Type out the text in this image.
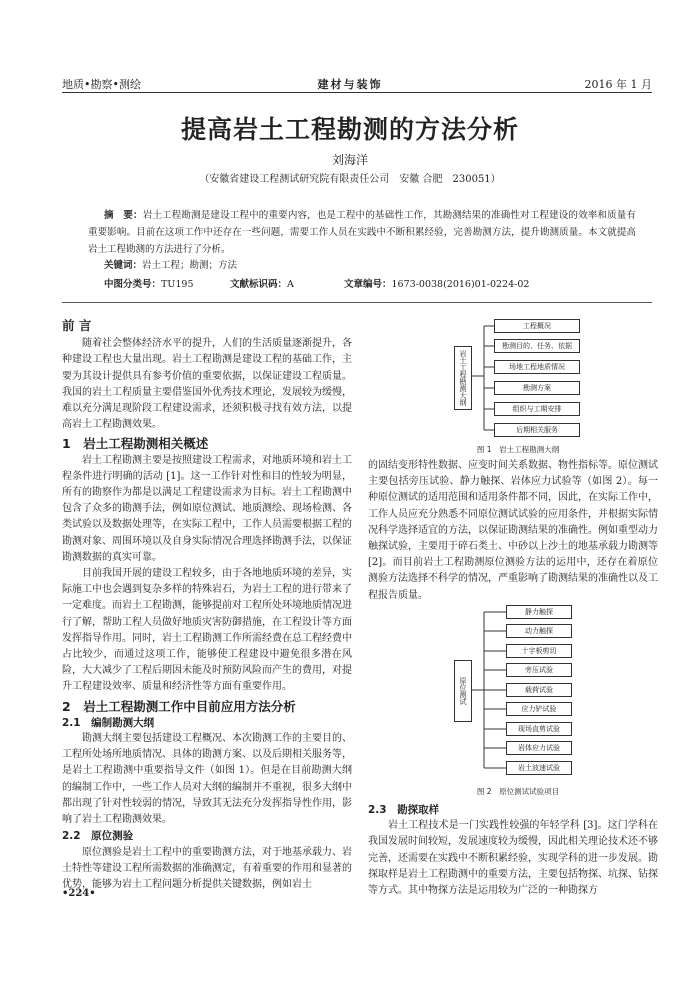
地质•勘察•测绘	建材与装饰	2016 年 1 月
提高岩土工程勘测的方法分析
刘海洋
（安徽省建设工程测试研究院有限责任公司　安徽 合肥　230051）
摘　要：岩土工程勘测是建设工程中的重要内容，也是工程中的基础性工作，其勘测结果的准确性对工程建设的效率和质量有重要影响。目前在这项工作中还存在一些问题，需要工作人员在实践中不断积累经验，完善勘测方法，提升勘测质量。本文就提高岩土工程勘测的方法进行了分析。
关键词：岩土工程；勘测；方法
中图分类号：TU195	文献标识码：A	文章编号：1673-0038(2016)01-0224-02
前 言

随着社会整体经济水平的提升，人们的生活质量逐渐提升，各种建设工程也大量出现。岩土工程勘测是建设工程的基础工作，主要为其设计提供具有参考价值的重要依据，以保证建设工程质量。我国的岩土工程质量主要借鉴国外优秀技术理论，发展较为缓慢，难以充分满足现阶段工程建设需求，还须积极寻找有效方法，以提高岩土工程勘测效果。

1　岩土工程勘测相关概述

岩土工程勘测主要是按照建设工程需求，对地质环境和岩土工程条件进行明确的活动 [1]。这一工作针对性和目的性较为明显，所有的勘察作为都是以满足工程建设需求为目标。岩土工程勘测中包含了众多的勘测手法，例如原位测试、地质测绘、现场检测、各类试验以及数据处理等，在实际工程中，工作人员需要根据工程的勘测对象、周围环境以及自身实际情况合理选择勘测手法，以保证勘测数据的真实可靠。

目前我国开展的建设工程较多，由于各地地质环境的差异，实际施工中也会遇到复杂多样的特殊岩石，为岩土工程的进行带来了一定难度。而岩土工程勘测，能够提前对工程所处环境地质情况进行了解，帮助工程人员做好地质灾害防御措施，在工程设计等方面发挥指导作用。同时，岩土工程勘测工作所需经费在总工程经费中占比较少，而通过这项工作，能够使工程建设中避免很多潜在风险，大大减少了工程后期因未能及时预防风险而产生的费用，对提升工程建设效率、质量和经济性等方面有重要作用。

2　岩土工程勘测工作中目前应用方法分析
2.1　编制勘测大纲

勘测大纲主要包括建设工程概况、本次勘测工作的主要目的、工程所处场所地质情况、具体的勘测方案、以及后期相关服务等，是岩土工程勘测中重要指导文件（如图 1）。但是在目前勘测大纲的编制工作中，一些工作人员对大纲的编制并不重视，很多大纲中都出现了针对性较弱的情况，导致其无法充分发挥指导性作用，影响了岩土工程勘测效果。

2.2　原位测验

原位测验是岩土工程中的重要勘测方法，对于地基承载力、岩土特性等建设工程所需数据的准确测定，有着重要的作用和显著的优势，能够为岩土工程问题分析提供关键数据，例如岩土

岩土工程勘测大纲
工程概况
勘测目的、任务、依据
场地工程地质情况
勘测方案
组织与工期安排
后期相关服务
图 1　岩土工程勘测大纲

的固结变形特性数据、应变时间关系数据、物性指标等。原位测试主要包括旁压试验、静力触探、岩体应力试验等（如图 2）。每一种原位测试的适用范围和适用条件都不同，因此，在实际工作中，工作人员应充分熟悉不同原位测试试验的应用条件，并根据实际情况科学选择适宜的方法，以保证勘测结果的准确性。例如重型动力触探试验，主要用于碎石类土、中砂以上沙土的地基承载力勘测等 [2]。而目前岩土工程勘测原位测验方法的运用中，还存在着原位测验方法选择不科学的情况，严重影响了勘测结果的准确性以及工程报告质量。

原位测试
静力触探
动力触探
十字板剪切
旁压试验
载荷试验
应力铲试验
现场直剪试验
岩体应力试验
岩土波速试验
图 2　原位测试试验项目
2.3　勘探取样

岩土工程技术是一门实践性较强的年轻学科 [3]。这门学科在我国发展时间较短，发展速度较为缓慢，因此相关理论技术还不够完善，还需要在实践中不断积累经验，实现学科的进一步发展。勘探取样是岩土工程勘测中的重要方法，主要包括物探、坑探、钻探等方式。其中物探方法是运用较为广泛的一种勘探方

•224•
